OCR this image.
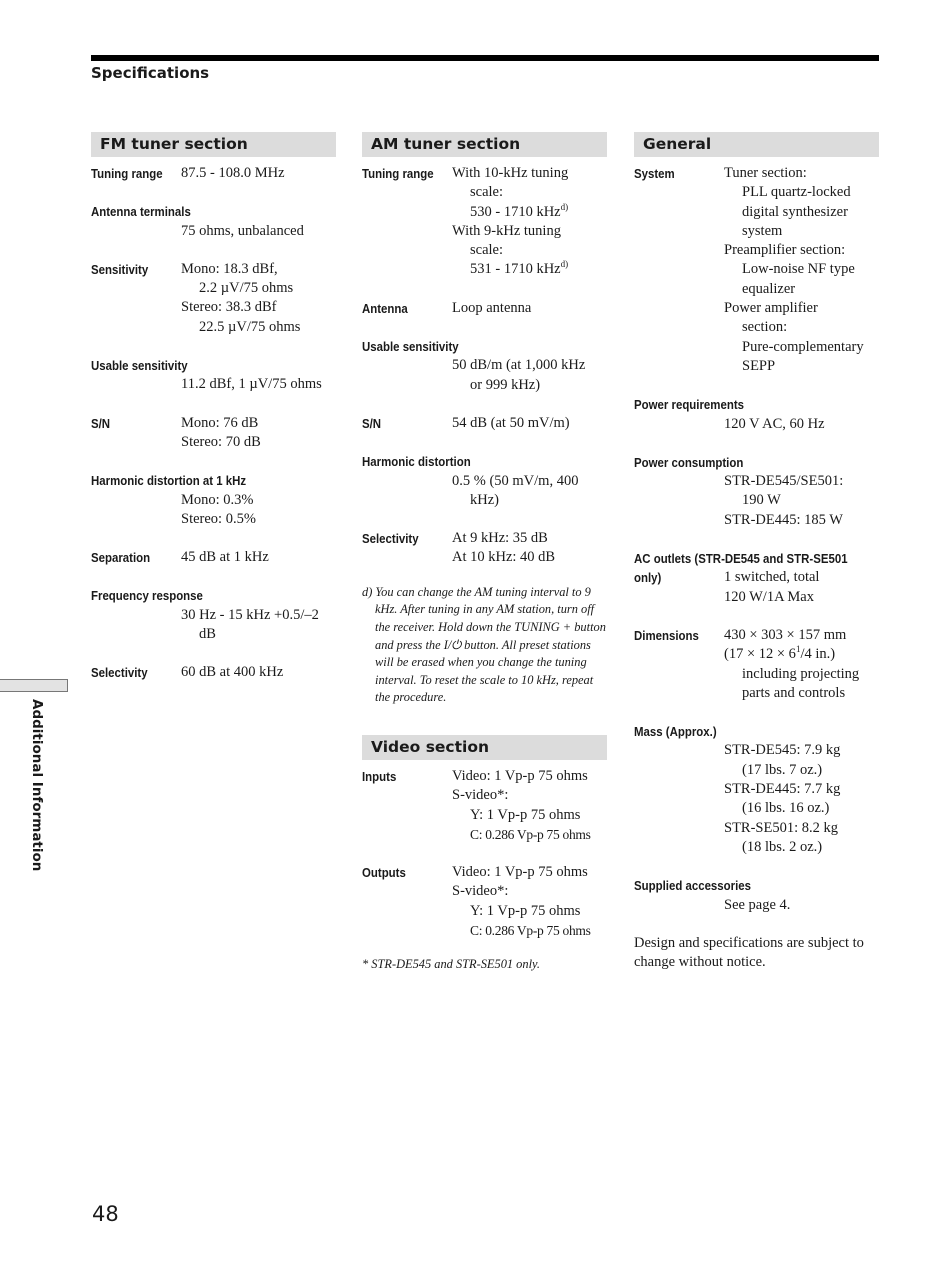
Specifications
FM tuner section
Tuning range 87.5 - 108.0 MHz
Antenna terminals
75 ohms, unbalanced
Sensitivity Mono: 18.3 dBf,
2.2 µV/75 ohms
Stereo: 38.3 dBf
22.5 µV/75 ohms
Usable sensitivity
11.2 dBf, 1 µV/75 ohms
S/N	Mono: 76 dB
Stereo: 70 dB
Harmonic distortion at 1 kHz
Mono: 0.3%
Stereo: 0.5%
Separation 45 dB at 1 kHz
Frequency response
30 Hz - 15 kHz +0.5/–2
dB
Selectivity 60 dB at 400 kHz
AM tuner section
Tuning range With 10-kHz tuning
scale:
530 - 1710 kHz$^{d)}$
With 9-kHz tuning
scale:
531 - 1710 kHz$^{d)}$
Antenna	Loop antenna
Usable sensitivity
50 dB/m (at 1,000 kHz
or 999 kHz)
S/N	54 dB (at 50 mV/m)
Harmonic distortion
0.5 % (50 mV/m, 400
kHz)
Selectivity At 9 kHz: 35 dB
At 10 kHz: 40 dB
d) You can change the AM tuning interval to 9 kHz. After tuning in any AM station, turn off the receiver. Hold down the TUNING + button and press the I/⏻ button. All preset stations will be erased when you change the tuning interval. To reset the scale to 10 kHz, repeat the procedure.
General
System	Tuner section:
PLL quartz-locked
digital synthesizer
system
Preamplifier section:
Low-noise NF type
equalizer
Power amplifier
section:
Pure-complementary
SEPP
Power requirements
120 V AC, 60 Hz
Power consumption
STR-DE545/SE501:
190 W
STR-DE445: 185 W
AC outlets (STR-DE545 and STR-SE501
only)	1 switched, total
120 W/1A Max
Dimensions 430 × 303 × 157 mm
($17 \times 12 \times 6^1/4$ in.)
including projecting
parts and controls
Mass (Approx.)
STR-DE545: 7.9 kg
(17 lbs. 7 oz.)
STR-DE445: 7.7 kg
(16 lbs. 16 oz.)
STR-SE501: 8.2 kg
(18 lbs. 2 oz.)
Supplied accessories
See page 4.
Design and specifications are subject to change without notice.
Video section
Inputs	Video: 1 Vp-p 75 ohms
S-video*:
Y: 1 Vp-p 75 ohms
C: 0.286 Vp-p 75 ohms
Outputs	Video: 1 Vp-p 75 ohms
S-video*:
Y: 1 Vp-p 75 ohms
C: 0.286 Vp-p 75 ohms
* STR-DE545 and STR-SE501 only.
Additional Information
48
